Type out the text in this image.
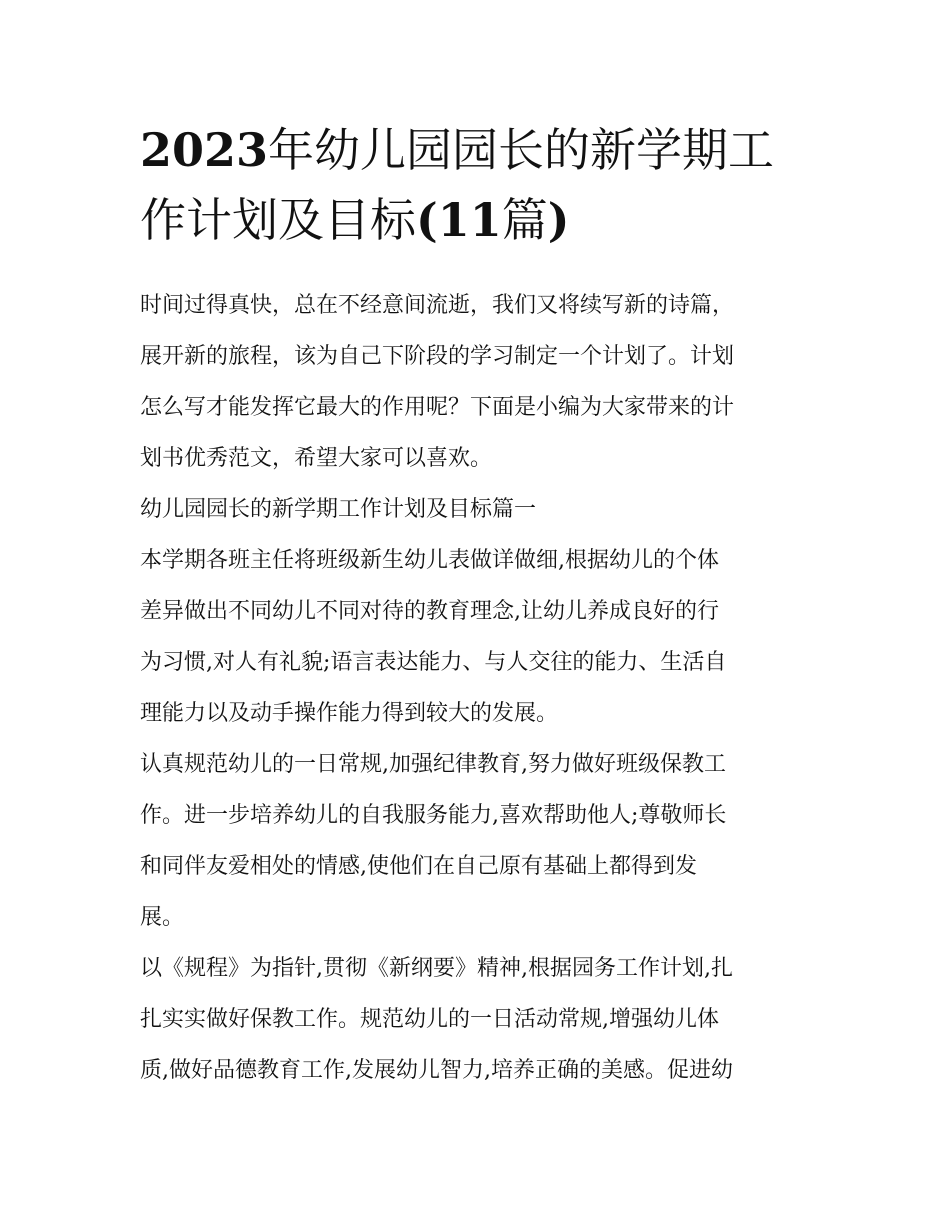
2023年幼儿园园长的新学期工
作计划及目标(11篇)

时间过得真快，总在不经意间流逝，我们又将续写新的诗篇，
展开新的旅程，该为自己下阶段的学习制定一个计划了。计划
怎么写才能发挥它最大的作用呢？下面是小编为大家带来的计
划书优秀范文，希望大家可以喜欢。

幼儿园园长的新学期工作计划及目标篇一

本学期各班主任将班级新生幼儿表做详做细,根据幼儿的个体
差异做出不同幼儿不同对待的教育理念,让幼儿养成良好的行
为习惯,对人有礼貌;语言表达能力、与人交往的能力、生活自
理能力以及动手操作能力得到较大的发展。

认真规范幼儿的一日常规,加强纪律教育,努力做好班级保教工
作。进一步培养幼儿的自我服务能力,喜欢帮助他人;尊敬师长
和同伴友爱相处的情感,使他们在自己原有基础上都得到发
展。

以《规程》为指针,贯彻《新纲要》精神,根据园务工作计划,扎
扎实实做好保教工作。规范幼儿的一日活动常规,增强幼儿体
质,做好品德教育工作,发展幼儿智力,培养正确的美感。促进幼
